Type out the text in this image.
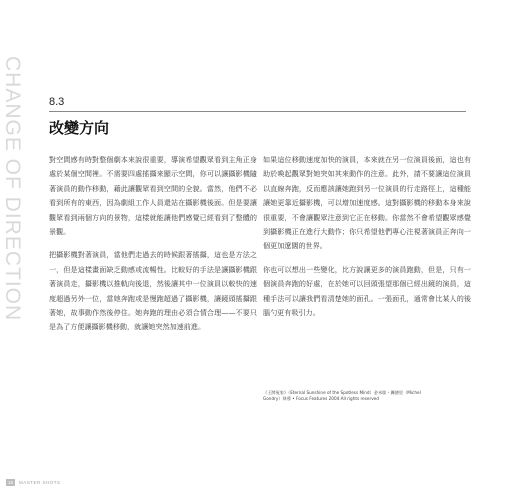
CHANGE OF DIRECTION 8.3
改變方向

對空間感有時對整個劇本來說很重要，導演希望觀眾看到主角正身處於某個空間裡。不需要四處搖攝來顯示空間，你可以讓攝影機隨著演員的動作移動，藉此讓觀眾看到空間的全貌。當然，他們不必看到所有的東西，因為劇組工作人員還站在攝影機後面。但是要讓觀眾看到兩個方向的景物，這樣就能讓他們感覺已經看到了整體的景觀。

把攝影機對著演員，當他們走過去的時候跟著搖攝，這也是方法之一，但是這樣畫面缺乏動感或流暢性。比較好的手法是讓攝影機跟著演員走，攝影機以推軌向後退，然後讓其中一位演員以較快的速度超過另外一位，當她奔跑或是慢跑超過了攝影機，讓鏡頭搖攝跟著她，故事動作然後停住。她奔跑的理由必須合情合理——不要只是為了方便讓攝影機移動，就讓她突然加速前進。

如果這位移動速度加快的演員，本來就在另一位演員後面，這也有助於喚起觀眾對她突如其來動作的注意。此外，請不要讓這位演員以直線奔跑，反而應該讓她跑到另一位演員的行走路徑上，這種能讓她更靠近攝影機，可以增加速度感。這對攝影機的移動本身來說很重要，不會讓觀眾注意到它正在移動。你當然不會希望觀眾感覺到攝影機正在進行大動作；你只希望他們專心注視著演員正奔向一個更加遼闊的世界。

你也可以想出一些變化，比方說讓更多的演員跑動，但是，只有一個演員奔跑的好處，在於她可以回頭張望那個已經出鏡的演員，這種手法可以讓我們看清楚她的面孔。一張面孔，通常會比某人的後腦勺更有吸引力。

《王牌冤家》（Eternal Sunshine of the Spotless Mind）金米歇・龔德里（Michel Gondry）執導 • Focus Features 2004 All rights reserved
16	MASTER SHOTS
